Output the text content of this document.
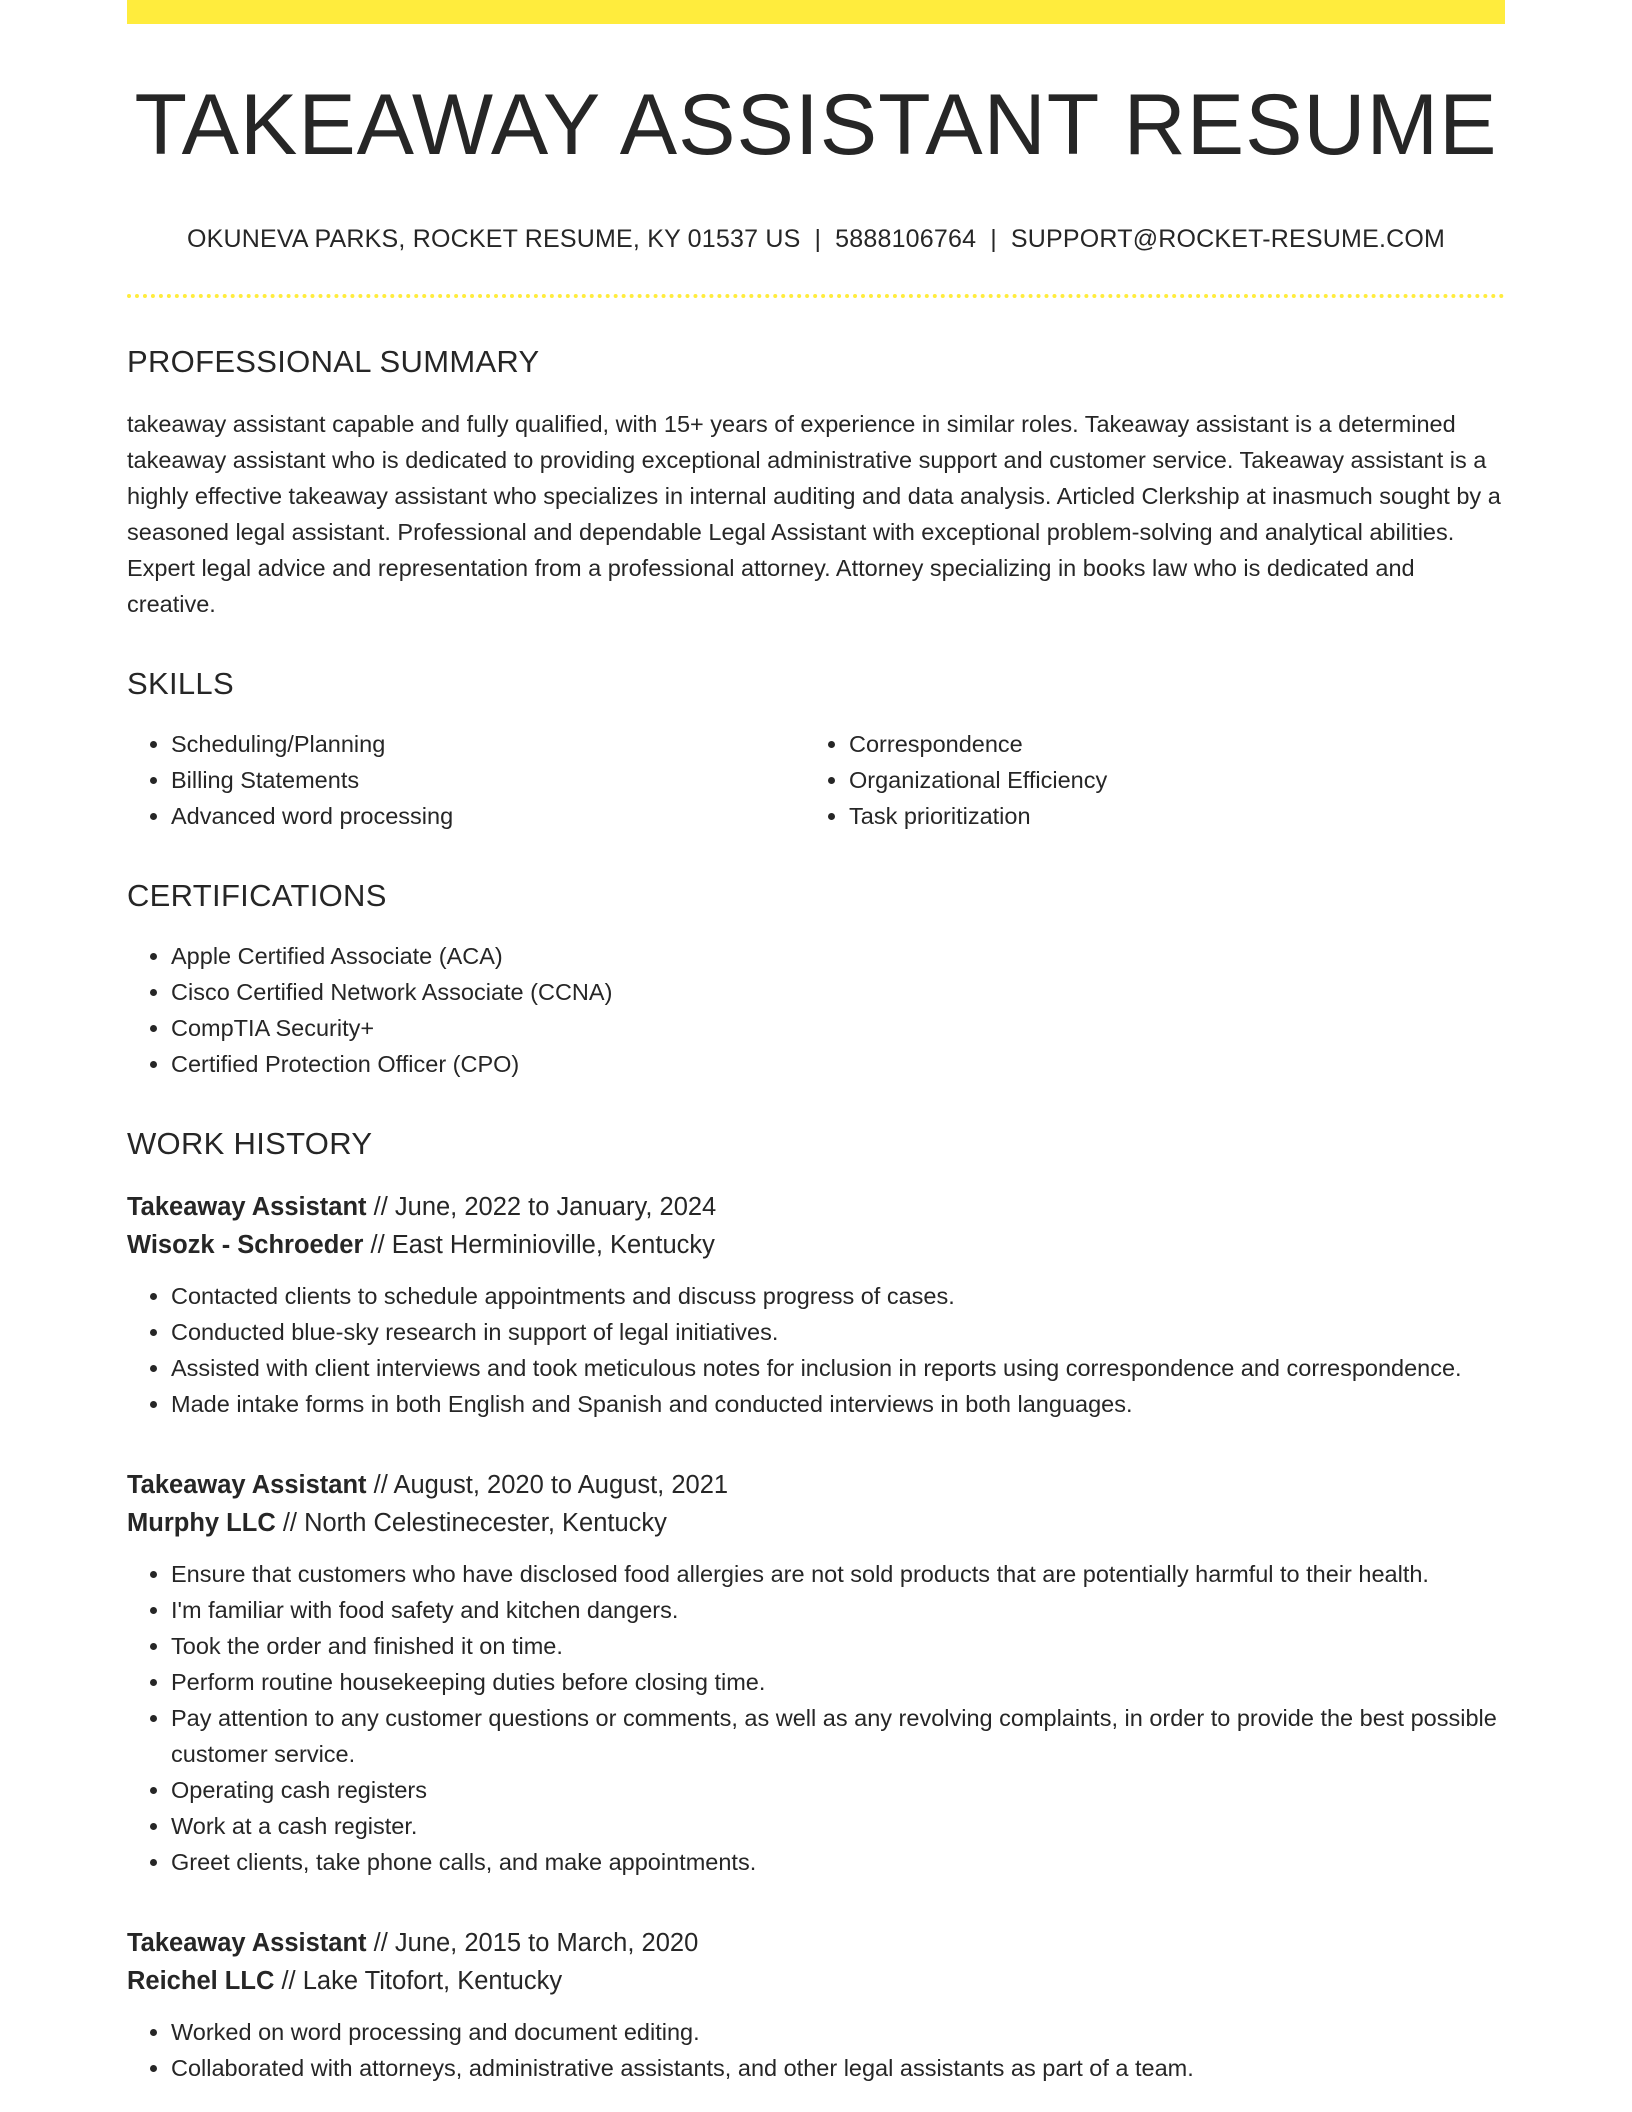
TAKEAWAY ASSISTANT RESUME
OKUNEVA PARKS, ROCKET RESUME, KY 01537 US | 5888106764 | SUPPORT@ROCKET-RESUME.COM
PROFESSIONAL SUMMARY
takeaway assistant capable and fully qualified, with 15+ years of experience in similar roles. Takeaway assistant is a determined takeaway assistant who is dedicated to providing exceptional administrative support and customer service. Takeaway assistant is a highly effective takeaway assistant who specializes in internal auditing and data analysis. Articled Clerkship at inasmuch sought by a seasoned legal assistant. Professional and dependable Legal Assistant with exceptional problem-solving and analytical abilities. Expert legal advice and representation from a professional attorney. Attorney specializing in books law who is dedicated and creative.
SKILLS
• Scheduling/Planning
• Billing Statements
• Advanced word processing
• Correspondence
• Organizational Efficiency
• Task prioritization
CERTIFICATIONS
• Apple Certified Associate (ACA)
• Cisco Certified Network Associate (CCNA)
• CompTIA Security+
• Certified Protection Officer (CPO)
WORK HISTORY
Takeaway Assistant // June, 2022 to January, 2024
Wisozk - Schroeder // East Herminioville, Kentucky
• Contacted clients to schedule appointments and discuss progress of cases.
• Conducted blue-sky research in support of legal initiatives.
• Assisted with client interviews and took meticulous notes for inclusion in reports using correspondence and correspondence.
• Made intake forms in both English and Spanish and conducted interviews in both languages.
Takeaway Assistant // August, 2020 to August, 2021
Murphy LLC // North Celestinecester, Kentucky
• Ensure that customers who have disclosed food allergies are not sold products that are potentially harmful to their health.
• I'm familiar with food safety and kitchen dangers.
• Took the order and finished it on time.
• Perform routine housekeeping duties before closing time.
• Pay attention to any customer questions or comments, as well as any revolving complaints, in order to provide the best possible customer service.
• Operating cash registers
• Work at a cash register.
• Greet clients, take phone calls, and make appointments.
Takeaway Assistant // June, 2015 to March, 2020
Reichel LLC // Lake Titofort, Kentucky
• Worked on word processing and document editing.
• Collaborated with attorneys, administrative assistants, and other legal assistants as part of a team.
